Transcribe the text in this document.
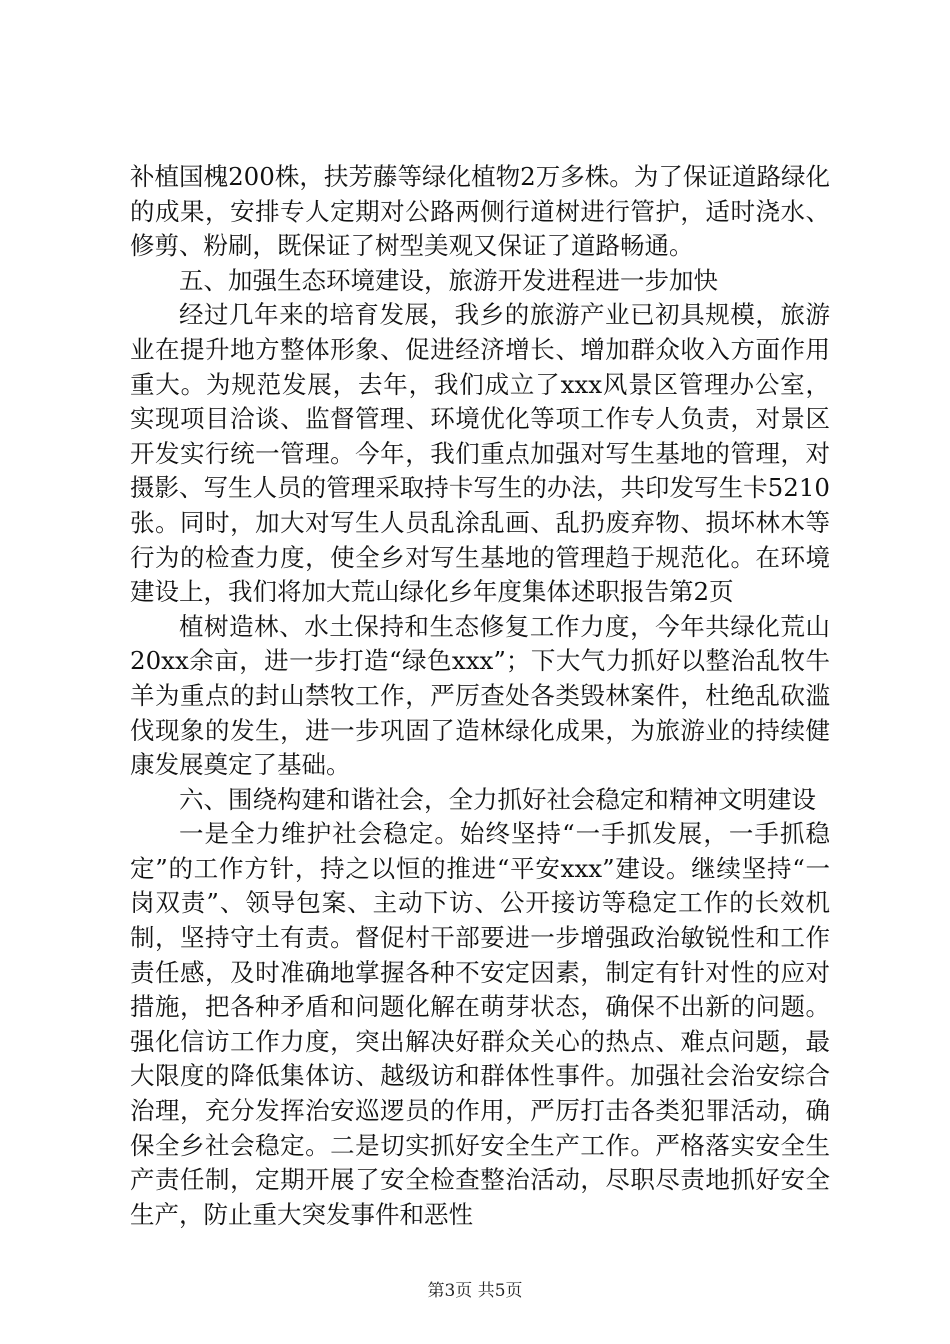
补植国槐200株，扶芳藤等绿化植物2万多株。为了保证道路绿化的成果，安排专人定期对公路两侧行道树进行管护，适时浇水、修剪、粉刷，既保证了树型美观又保证了道路畅通。

五、加强生态环境建设，旅游开发进程进一步加快

经过几年来的培育发展，我乡的旅游产业已初具规模，旅游业在提升地方整体形象、促进经济增长、增加群众收入方面作用重大。为规范发展，去年，我们成立了xxx风景区管理办公室，实现项目洽谈、监督管理、环境优化等项工作专人负责，对景区开发实行统一管理。今年，我们重点加强对写生基地的管理，对摄影、写生人员的管理采取持卡写生的办法，共印发写生卡5210张。同时，加大对写生人员乱涂乱画、乱扔废弃物、损坏林木等行为的检查力度，使全乡对写生基地的管理趋于规范化。在环境建设上，我们将加大荒山绿化乡年度集体述职报告第2页

植树造林、水土保持和生态修复工作力度，今年共绿化荒山20xx余亩，进一步打造“绿色xxx”；下大气力抓好以整治乱牧牛羊为重点的封山禁牧工作，严厉查处各类毁林案件，杜绝乱砍滥伐现象的发生，进一步巩固了造林绿化成果，为旅游业的持续健康发展奠定了基础。

六、围绕构建和谐社会，全力抓好社会稳定和精神文明建设

一是全力维护社会稳定。始终坚持“一手抓发展，一手抓稳定”的工作方针，持之以恒的推进“平安xxx”建设。继续坚持“一岗双责”、领导包案、主动下访、公开接访等稳定工作的长效机制，坚持守土有责。督促村干部要进一步增强政治敏锐性和工作责任感，及时准确地掌握各种不安定因素，制定有针对性的应对措施，把各种矛盾和问题化解在萌芽状态，确保不出新的问题。强化信访工作力度，突出解决好群众关心的热点、难点问题，最大限度的降低集体访、越级访和群体性事件。加强社会治安综合治理，充分发挥治安巡逻员的作用，严厉打击各类犯罪活动，确保全乡社会稳定。二是切实抓好安全生产工作。严格落实安全生产责任制，定期开展了安全检查整治活动，尽职尽责地抓好安全生产，防止重大突发事件和恶性

第3页 共5页
